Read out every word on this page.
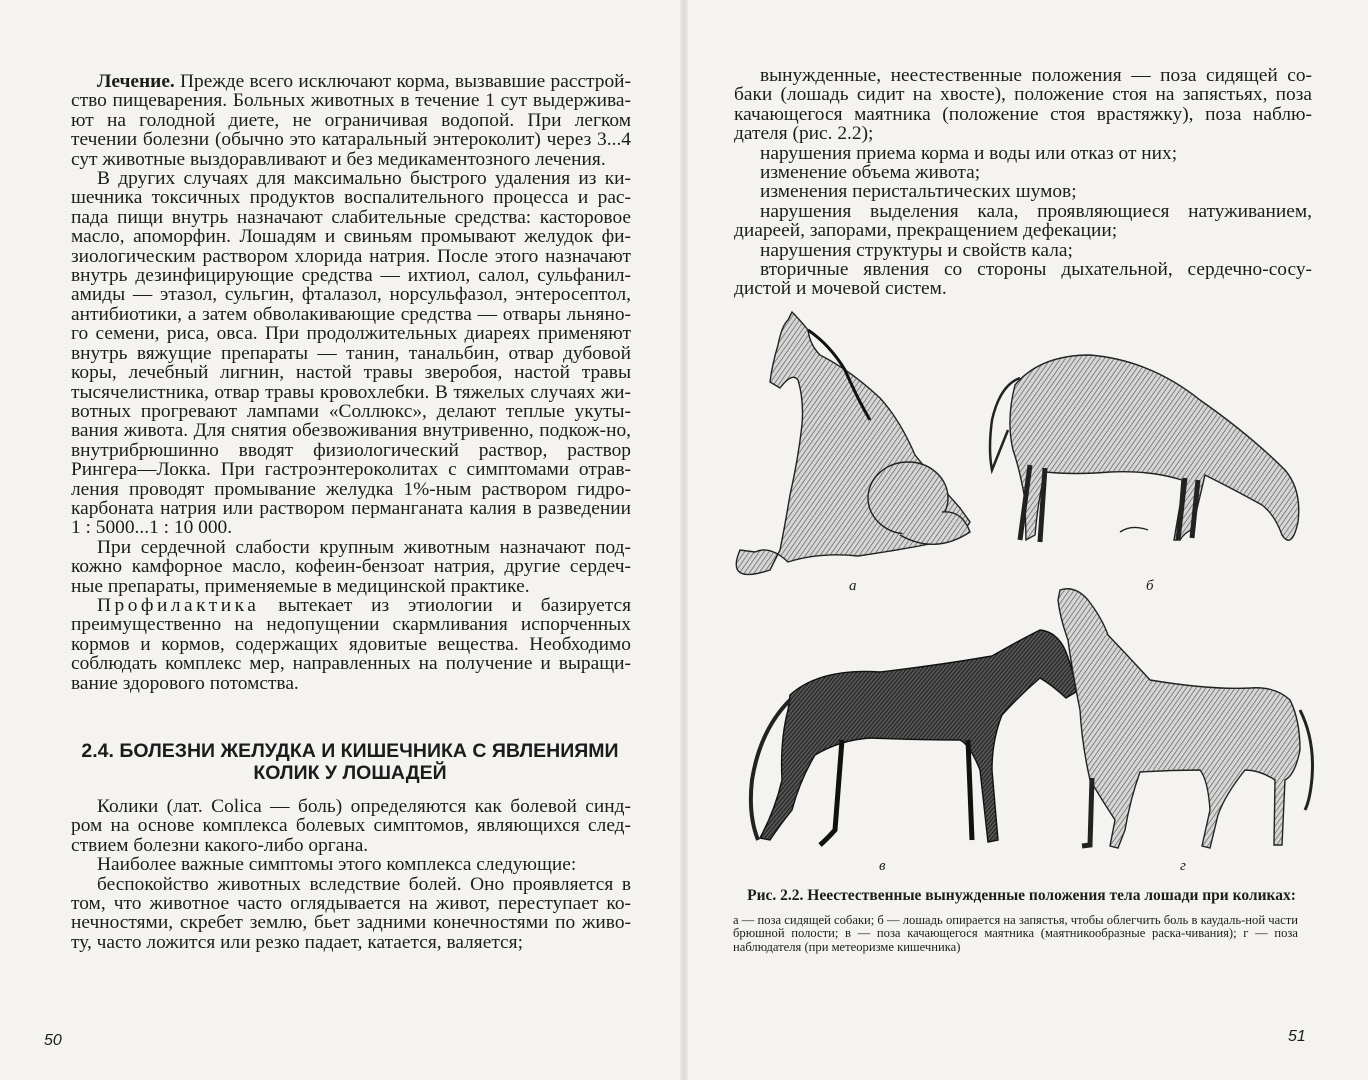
Лечение. Прежде всего исключают корма, вызвавшие расстрой-ство пищеварения. Больных животных в течение 1 сут выдержива-ют на голодной диете, не ограничивая водопой. При легком течении болезни (обычно это катаральный энтероколит) через 3...4 сут животные выздоравливают и без медикаментозного лечения.

В других случаях для максимально быстрого удаления из ки-шечника токсичных продуктов воспалительного процесса и рас-пада пищи внутрь назначают слабительные средства: касторовое масло, апоморфин. Лошадям и свиньям промывают желудок фи-зиологическим раствором хлорида натрия. После этого назначают внутрь дезинфицирующие средства — ихтиол, салол, сульфанил-амиды — этазол, сульгин, фталазол, норсульфазол, энтеросептол, антибиотики, а затем обволакивающие средства — отвары льняно-го семени, риса, овса. При продолжительных диареях применяют внутрь вяжущие препараты — танин, танальбин, отвар дубовой коры, лечебный лигнин, настой травы зверобоя, настой травы тысячелистника, отвар травы кровохлебки. В тяжелых случаях жи-вотных прогревают лампами «Соллюкс», делают теплые укуты-вания живота. Для снятия обезвоживания внутривенно, подкож-но, внутрибрюшинно вводят физиологический раствор, раствор Рингера—Локка. При гастроэнтероколитах с симптомами отрав-ления проводят промывание желудка 1%-ным раствором гидро-карбоната натрия или раствором перманганата калия в разведении 1 : 5000...1 : 10 000.

При сердечной слабости крупным животным назначают под-кожно камфорное масло, кофеин-бензоат натрия, другие сердеч-ные препараты, применяемые в медицинской практике.

Профилактика вытекает из этиологии и базируется преимущественно на недопущении скармливания испорченных кормов и кормов, содержащих ядовитые вещества. Необходимо соблюдать комплекс мер, направленных на получение и выращи-вание здорового потомства.

2.4. БОЛЕЗНИ ЖЕЛУДКА И КИШЕЧНИКА С ЯВЛЕНИЯМИ КОЛИК У ЛОШАДЕЙ

Колики (лат. Colica — боль) определяются как болевой синд-ром на основе комплекса болевых симптомов, являющихся след-ствием болезни какого-либо органа.

Наиболее важные симптомы этого комплекса следующие:

беспокойство животных вследствие болей. Оно проявляется в том, что животное часто оглядывается на живот, переступает ко-нечностями, скребет землю, бьет задними конечностями по живо-ту, часто ложится или резко падает, катается, валяется;

50

вынужденные, неестественные положения — поза сидящей со-баки (лошадь сидит на хвосте), положение стоя на запястьях, поза качающегося маятника (положение стоя врастяжку), поза наблю-дателя (рис. 2.2);

нарушения приема корма и воды или отказ от них;

изменение объема живота;

изменения перистальтических шумов;

нарушения выделения кала, проявляющиеся натуживанием, диареей, запорами, прекращением дефекации;

нарушения структуры и свойств кала;

вторичные явления со стороны дыхательной, сердечно-сосу-дистой и мочевой систем.

51
а	б
в	г
Рис. 2.2. Неестественные вынужденные положения тела лошади при коликах:
а — поза сидящей собаки; б — лошадь опирается на запястья, чтобы облегчить боль в каудаль-ной части брюшной полости; в — поза качающегося маятника (маятникообразные раска-чивания); г — поза наблюдателя (при метеоризме кишечника)
